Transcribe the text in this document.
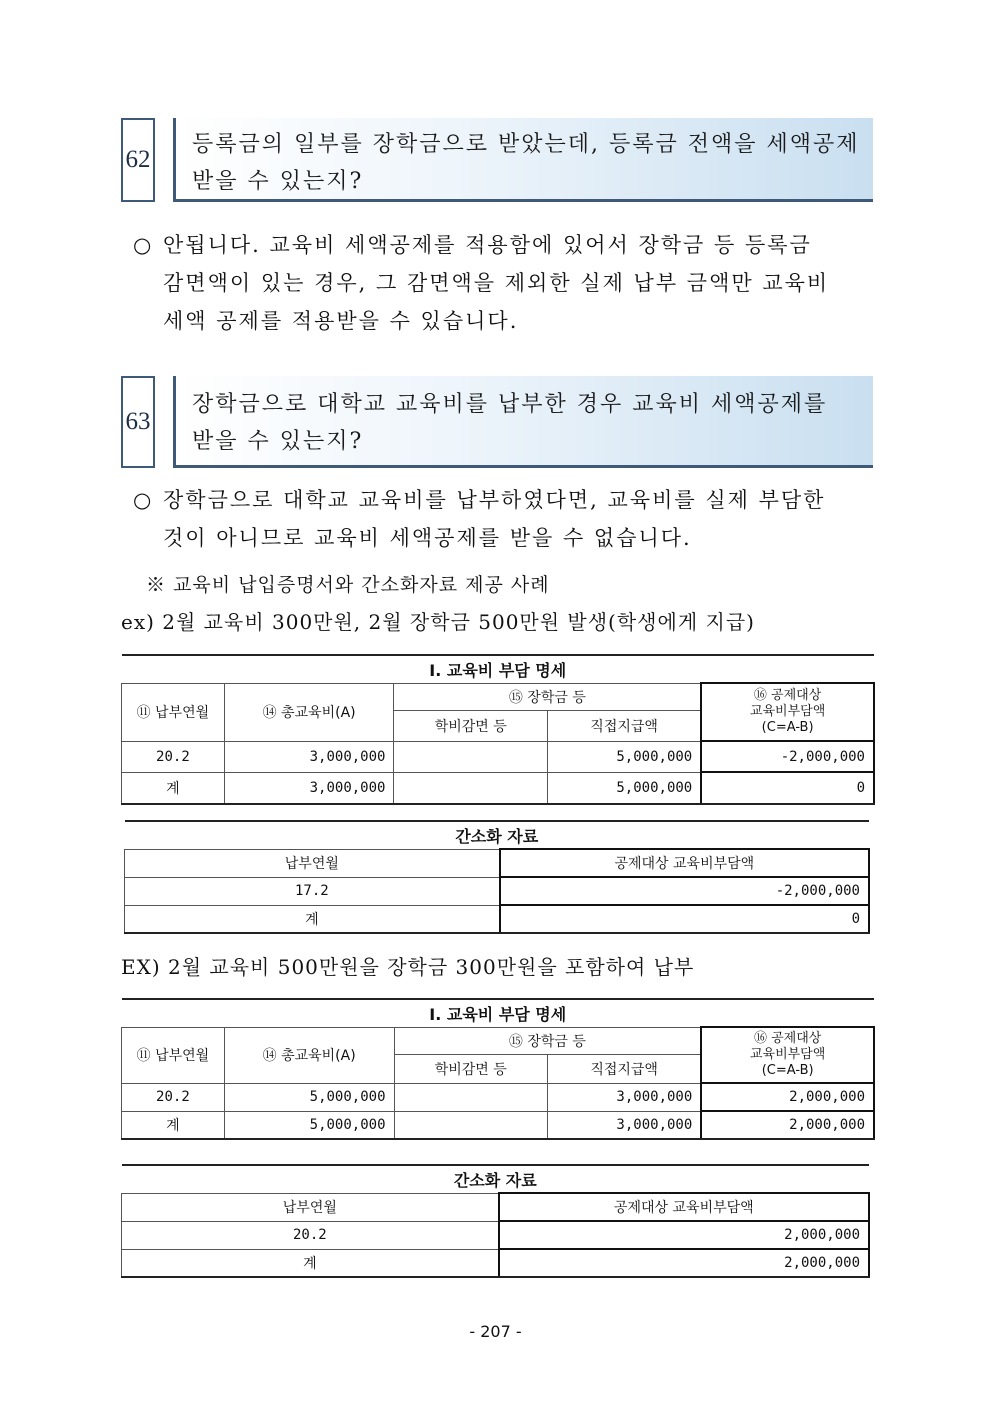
62
등록금의 일부를 장학금으로 받았는데, 등록금 전액을 세액공제
받을 수 있는지?
○ 안됩니다. 교육비 세액공제를 적용함에 있어서 장학금 등 등록금
감면액이 있는 경우, 그 감면액을 제외한 실제 납부 금액만 교육비
세액 공제를 적용받을 수 있습니다.
63
장학금으로 대학교 교육비를 납부한 경우 교육비 세액공제를
받을 수 있는지?
○ 장학금으로 대학교 교육비를 납부하였다면, 교육비를 실제 부담한
것이 아니므로 교육비 세액공제를 받을 수 없습니다.
※ 교육비 납입증명서와 간소화자료 제공 사례
ex) 2월 교육비 300만원, 2월 장학금 500만원 발생(학생에게 지급)
Ⅰ. 교육비 부담 명세				
⑪ 납부연월	⑭ 총교육비(A)	⑮ 장학금 등		⑯ 공제대상
교육비부담액
(C=A-B)

		학비감면 등	직접지급액	
20.2	3,000,000		5,000,000	-2,000,000
계	3,000,000		5,000,000	0
간소화 자료	
납부연월	공제대상 교육비부담액
17.2	-2,000,000
계	0
EX) 2월 교육비 500만원을 장학금 300만원을 포함하여 납부
Ⅰ. 교육비 부담 명세				
⑪ 납부연월	⑭ 총교육비(A)	⑮ 장학금 등		⑯ 공제대상
교육비부담액
(C=A-B)

		학비감면 등	직접지급액	
20.2	5,000,000		3,000,000	2,000,000
계	5,000,000		3,000,000	2,000,000
간소화 자료	
납부연월	공제대상 교육비부담액
20.2	2,000,000
계	2,000,000
- 207 -
